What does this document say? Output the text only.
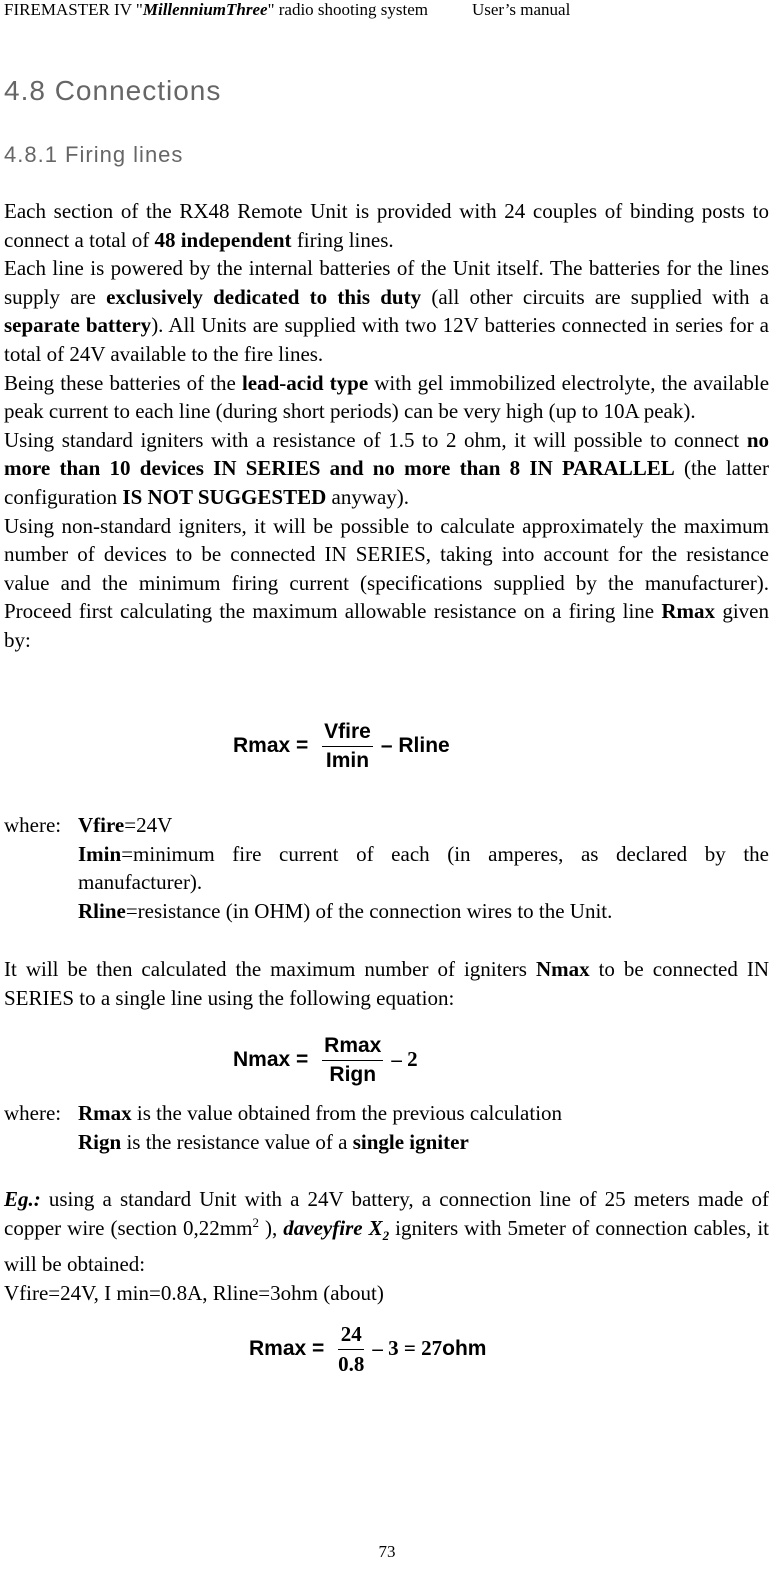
FIREMASTER IV "MillenniumThree" radio shooting system	User’s manual
4.8 Connections
4.8.1 Firing lines

Each section of the RX48 Remote Unit is provided with 24 couples of binding posts to connect a total of 48 independent firing lines.

Each line is powered by the internal batteries of the Unit itself. The batteries for the lines supply are exclusively dedicated to this duty (all other circuits are supplied with a separate battery). All Units are supplied with two 12V batteries connected in series for a total of 24V available to the fire lines.

Being these batteries of the lead-acid type with gel immobilized electrolyte, the available peak current to each line (during short periods) can be very high (up to 10A peak).

Using standard igniters with a resistance of 1.5 to 2 ohm, it will possible to connect no more than 10 devices IN SERIES and no more than 8 IN PARALLEL (the latter configuration IS NOT SUGGESTED anyway).

Using non-standard igniters, it will be possible to calculate approximately the maximum number of devices to be connected IN SERIES, taking into account for the resistance value and the minimum firing current (specifications supplied by the manufacturer). Proceed first calculating the maximum allowable resistance on a firing line Rmax given by:

$Rmax = \frac{\text{Vfire}}{Imin}$ – Rline
where: Vfire=24V
Imin=minimum fire current of each (in amperes, as declared by the manufacturer).
Rline=resistance (in OHM) of the connection wires to the Unit.

It will be then calculated the maximum number of igniters Nmax to be connected IN SERIES to a single line using the following equation:

$Nmax = \frac{Rmax}{\text{Rign}} - 2$
where: Rmax is the value obtained from the previous calculation
Rign is the resistance value of a single igniter

Eg.: using a standard Unit with a 24V battery, a connection line of 25 meters made of copper wire (section $0,22mm^2$ ), daveyfire $X_2$ igniters with 5meter of connection cables, it will be obtained:

Vfire=24V, I min=0.8A, Rline=3ohm (about)

$Rmax = \frac{24}{0.8} - 3 = 27ohm$
73
